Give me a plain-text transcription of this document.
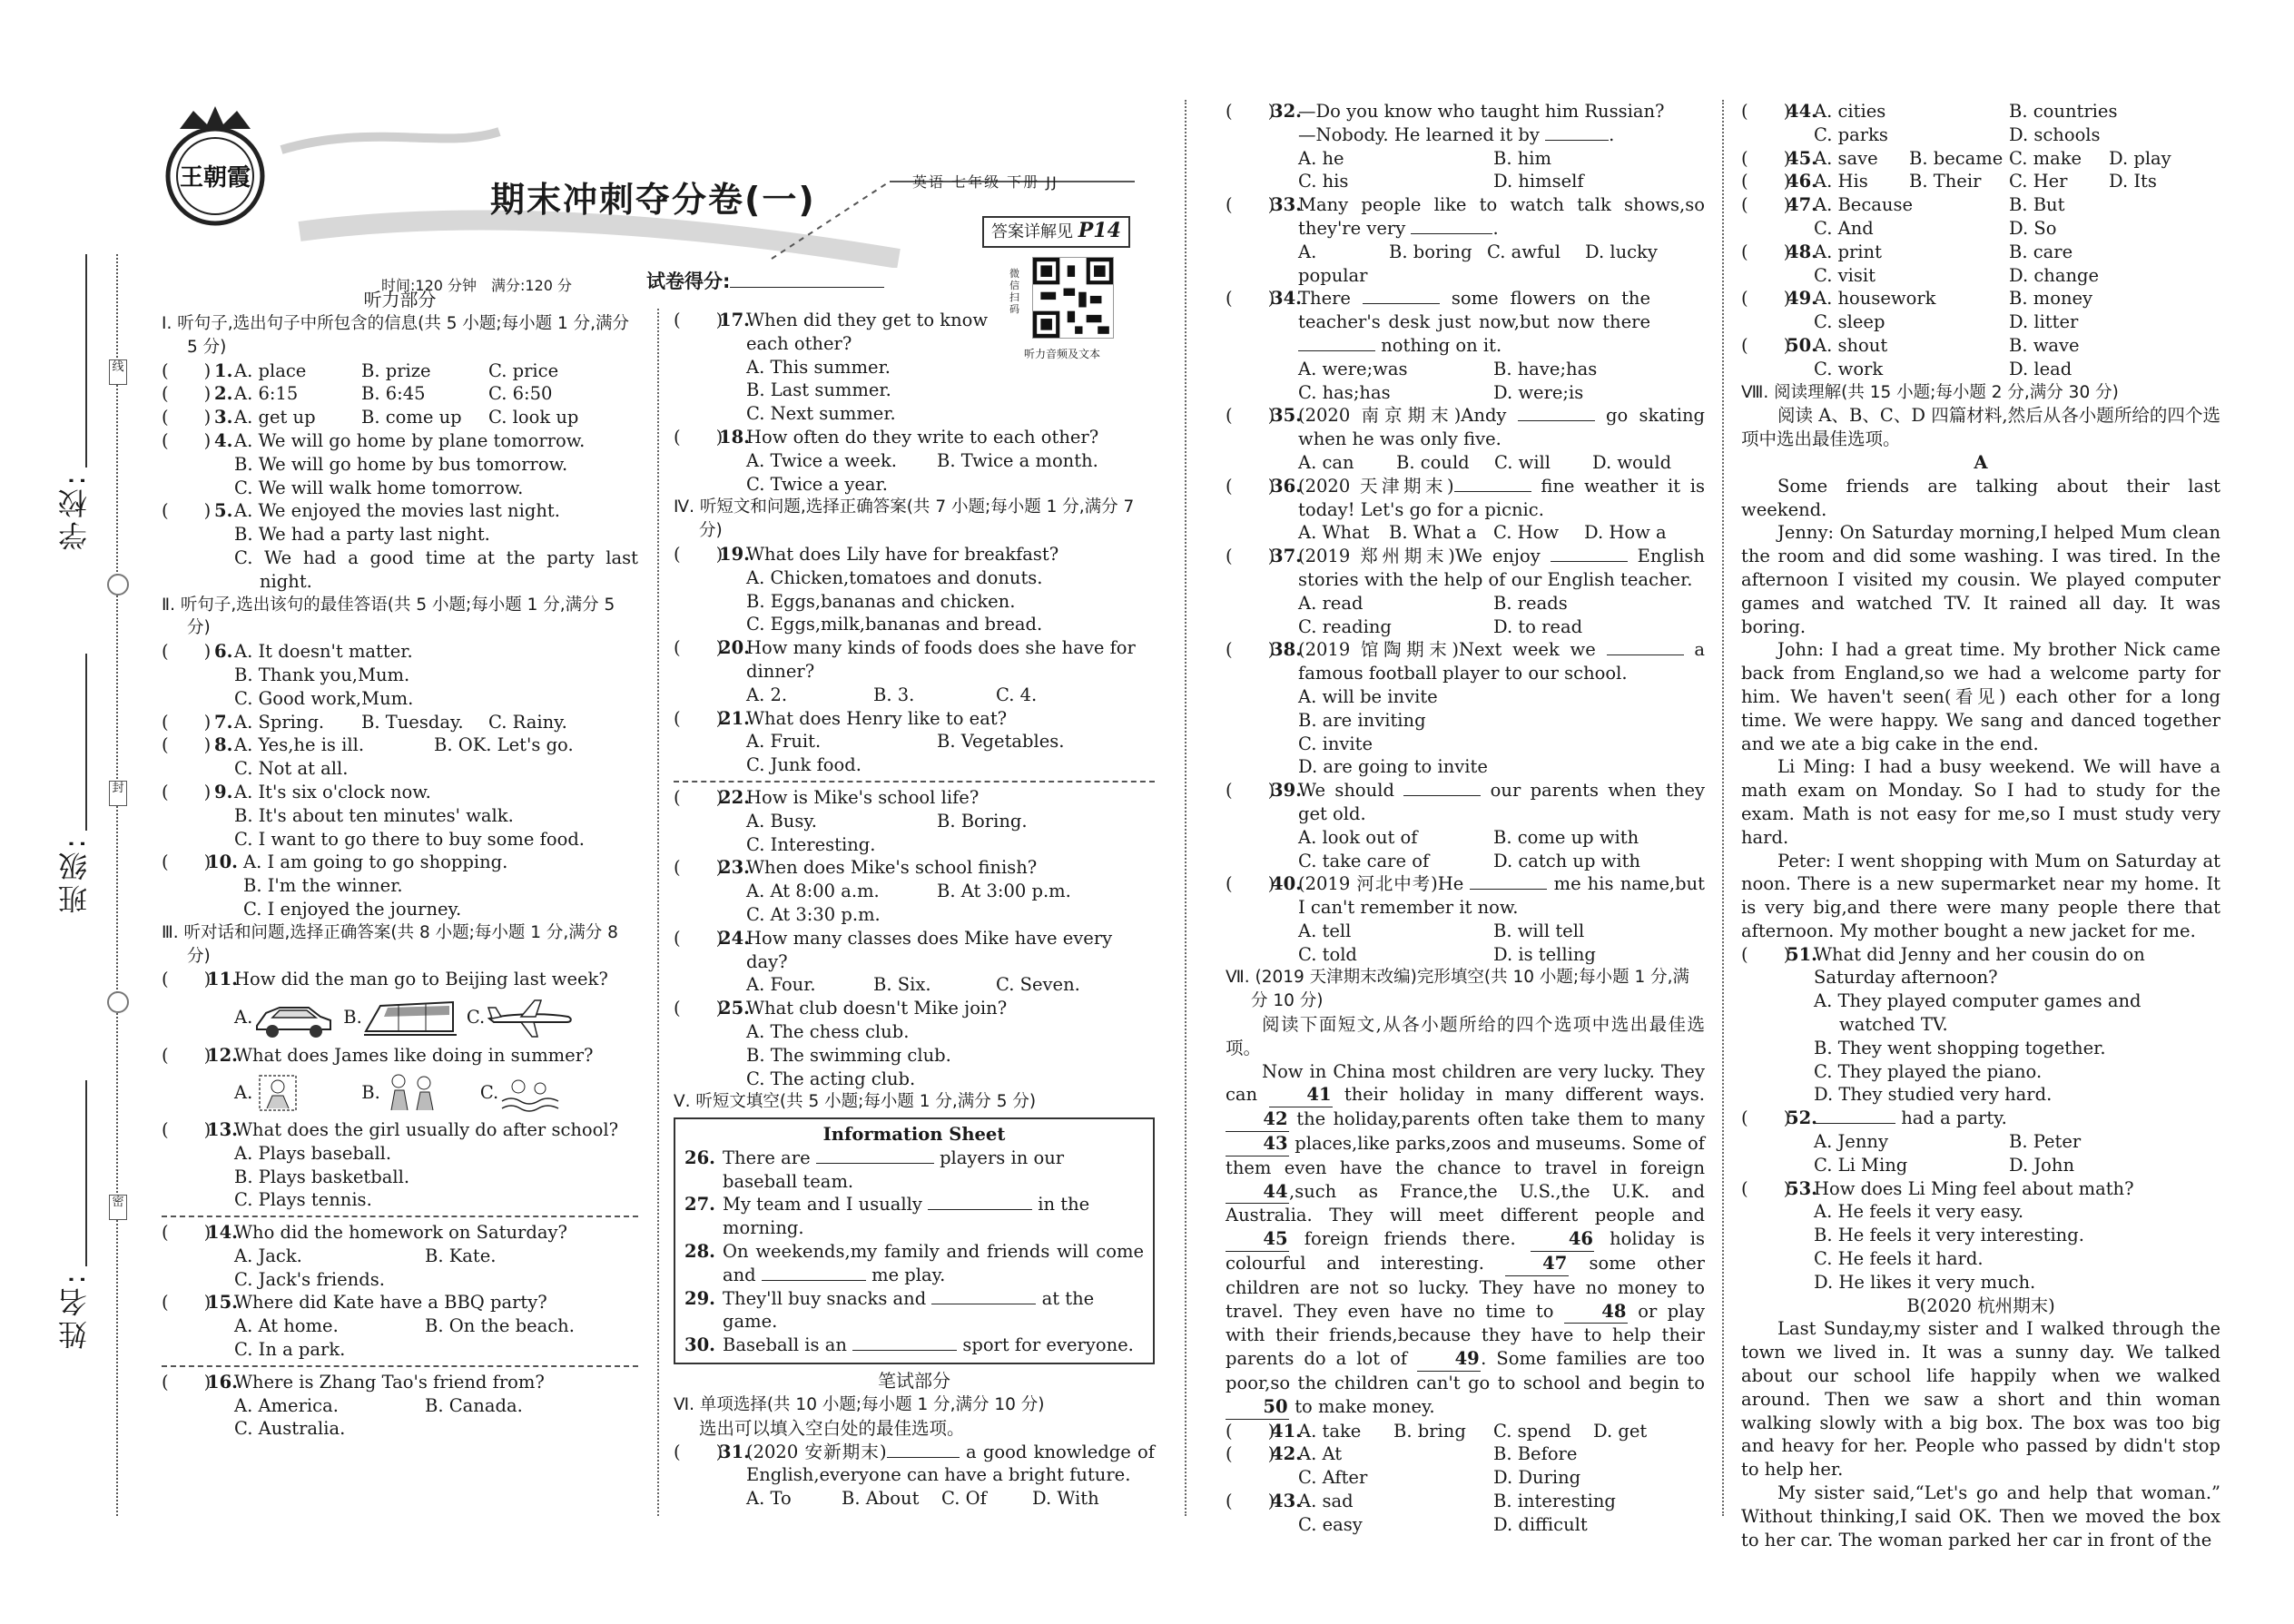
学校:
班级:
姓名:
线
封
密
王朝霞	英语 七年级 下册 JJ
期末冲刺夺分卷(一)
答案详解见 P14
微信扫码
听力音频及文本
时间:120 分钟　满分:120 分	试卷得分:
听力部分
Ⅰ. 听句子,选出句子中所包含的信息(共 5 小题;每小题 1 分,满分 5 分)
(　　) 1. A. place	B. prize	C. price
(　　) 2. A. 6:15	B. 6:45	C. 6:50
(　　) 3. A. get up	B. come up	C. look up
(　　) 4. A. We will go home by plane tomorrow.
B. We will go home by bus tomorrow.
C. We will walk home tomorrow.
(　　) 5. A. We enjoyed the movies last night.
B. We had a party last night.
C. We had a good time at the party last night.
Ⅱ. 听句子,选出该句的最佳答语(共 5 小题;每小题 1 分,满分 5 分)
(　　) 6. A. It doesn't matter.
B. Thank you,Mum.
C. Good work,Mum.
(　　) 7. A. Spring.	B. Tuesday.	C. Rainy.
(　　) 8. A. Yes,he is ill.	B. OK. Let's go.
C. Not at all.
(　　) 9. A. It's six o'clock now.
B. It's about ten minutes' walk.
C. I want to go there to buy some food.
(　　)
10. A. I am going to go shopping.
B. I'm the winner.
C. I enjoyed the journey.
Ⅲ. 听对话和问题,选择正确答案(共 8 小题;每小题 1 分,满分 8 分)
(　　)
11.
How did the man go to Beijing last week?
A.	B.	C.
(　　)
12.
What does James like doing in summer?
A.	B.	C.
(　　)
13.
What does the girl usually do after school?
A. Plays baseball.
B. Plays basketball.
C. Plays tennis.
(　　)
14.
Who did the homework on Saturday?
A. Jack.	B. Kate.
C. Jack's friends.
(　　)
15.
Where did Kate have a BBQ party?
A. At home.	B. On the beach.
C. In a park.
(　　)
16.
Where is Zhang Tao's friend from?
A. America.	B. Canada.
C. Australia.
(　　)
17.
When did they get to know each other?
A. This summer.
B. Last summer.
C. Next summer.
(　　)
18.
How often do they write to each other?
A. Twice a week.	B. Twice a month.
C. Twice a year.
Ⅳ. 听短文和问题,选择正确答案(共 7 小题;每小题 1 分,满分 7 分)
(　　)
19.
What does Lily have for breakfast?
A. Chicken,tomatoes and donuts.
B. Eggs,bananas and chicken.
C. Eggs,milk,bananas and bread.
(　　)
20.
How many kinds of foods does she have for dinner?
A. 2.	B. 3.	C. 4.
(　　)
21.
What does Henry like to eat?
A. Fruit.	B. Vegetables.
C. Junk food.
(　　)
22.
How is Mike's school life?
A. Busy.	B. Boring.
C. Interesting.
(　　)
23.
When does Mike's school finish?
A. At 8:00 a.m.	B. At 3:00 p.m.
C. At 3:30 p.m.
(　　)
24.
How many classes does Mike have every day?
A. Four.	B. Six.	C. Seven.
(　　)
25.
What club doesn't Mike join?
A. The chess club.
B. The swimming club.
C. The acting club.
Ⅴ. 听短文填空(共 5 小题;每小题 1 分,满分 5 分)
Information Sheet
26. There are	players in our baseball team.
27. My team and I usually	in the morning.
28. On weekends,my family and friends will come and	me play.
29. They'll buy snacks and	at the game.
30. Baseball is an	sport for everyone.
笔试部分
Ⅵ. 单项选择(共 10 小题;每小题 1 分,满分 10 分)
选出可以填入空白处的最佳选项。
(　　)
31.
(2020 安新期末)	a good knowledge of English,everyone can have a bright future.
A. To	B. About	C. Of	D. With
(　　)
32.
—Do you know who taught him Russian?
—Nobody. He learned it by	.
A. he	B. him
C. his	D. himself
(　　)
33.
Many people like to watch talk shows,so they're very	.
A. popular
B. boring C. awful	D. lucky
(　　)
34.
There	some flowers on the teacher's desk just now,but now there  nothing on it.
A. were;was	B. have;has
C. has;has	D. were;is
(　　)
35.
(2020 南京期末)Andy	go skating when he was only five.
A. can	B. could	C. will	D. would
(　　)
36.
(2020 天津期末)	fine weather it is today! Let's go for a picnic.
A. What	B. What a C. How	D. How a
(　　)
37.
(2019 郑州期末)We enjoy	English stories with the help of our English teacher.
A. read	B. reads
C. reading	D. to read
(　　)
38.
(2019 馆陶期末)Next week we	a famous football player to our school.
A. will be invite
B. are inviting
C. invite
D. are going to invite
(　　)
39.
We should	our parents when they get old.
A. look out of	B. come up with
C. take care of	D. catch up with
(　　)
40.
(2019 河北中考)He	me his name,but I can't remember it now.
A. tell	B. will tell
C. told	D. is telling
Ⅶ. (2019 天津期末改编)完形填空(共 10 小题;每小题 1 分,满分 10 分)
阅读下面短文,从各小题所给的四个选项中选出最佳选项。
Now in China most children are very lucky. They can	41 their holiday in many different ways. 42 the holiday,parents often take them to many 43 places,like parks,zoos and museums. Some of them even have the chance to travel in foreign 44,such as France,the U.S.,the U.K. and Australia. They will meet different people and 45 foreign friends there.	46 holiday is colourful and interesting.	47 some other children are not so lucky. They have no money to travel. They even have no time to	48 or play with their friends,because they have to help their parents do a lot of	49. Some families are too poor,so the children can't go to school and begin to 50 to make money.
(　　)
41.
A. take	B. bring	C. spend	D. get
(　　)
42.
A. At	B. Before
C. After	D. During
(　　)
43.
A. sad	B. interesting
C. easy	D. difficult
(　　)
44.
A. cities	B. countries
C. parks	D. schools
(　　)
45.
A. save	B. became C. make	D. play
(　　)
46.
A. His	B. Their	C. Her	D. Its
(　　)
47.
A. Because	B. But
C. And	D. So
(　　)
48.
A. print	B. care
C. visit	D. change
(　　)
49.
A. housework	B. money
C. sleep	D. litter
(　　)
50.
A. shout	B. wave
C. work	D. lead
Ⅷ. 阅读理解(共 15 小题;每小题 2 分,满分 30 分)
阅读 A、B、C、D 四篇材料,然后从各小题所给的四个选项中选出最佳选项。
A
Some friends are talking about their last weekend.
Jenny: On Saturday morning,I helped Mum clean the room and did some washing. I was tired. In the afternoon I visited my cousin. We played computer games and watched TV. It rained all day. It was boring.
John: I had a great time. My brother Nick came back from England,so we had a welcome party for him. We haven't seen(看见) each other for a long time. We were happy. We sang and danced together and we ate a big cake in the end.
Li Ming: I had a busy weekend. We will have a math exam on Monday. So I had to study for the exam. Math is not easy for me,so I must study very hard.
Peter: I went shopping with Mum on Saturday at noon. There is a new supermarket near my home. It is very big,and there were many people there that afternoon. My mother bought a new jacket for me.
(　　)
51.
What did Jenny and her cousin do on Saturday afternoon?
A. They played computer games and watched TV.
B. They went shopping together.
C. They played the piano.
D. They studied very hard.
(　　)
52.	had a party.
A. Jenny	B. Peter
C. Li Ming	D. John
(　　)
53.
How does Li Ming feel about math?
A. He feels it very easy.
B. He feels it very interesting.
C. He feels it hard.
D. He likes it very much.
B(2020 杭州期末)
Last Sunday,my sister and I walked through the town we lived in. It was a sunny day. We talked about our school life happily when we walked around. Then we saw a short and thin woman walking slowly with a big box. The box was too big and heavy for her. People who passed by didn't stop to help her.
My sister said,“Let's go and help that woman.” Without thinking,I said OK. Then we moved the box to her car. The woman parked her car in front of the
